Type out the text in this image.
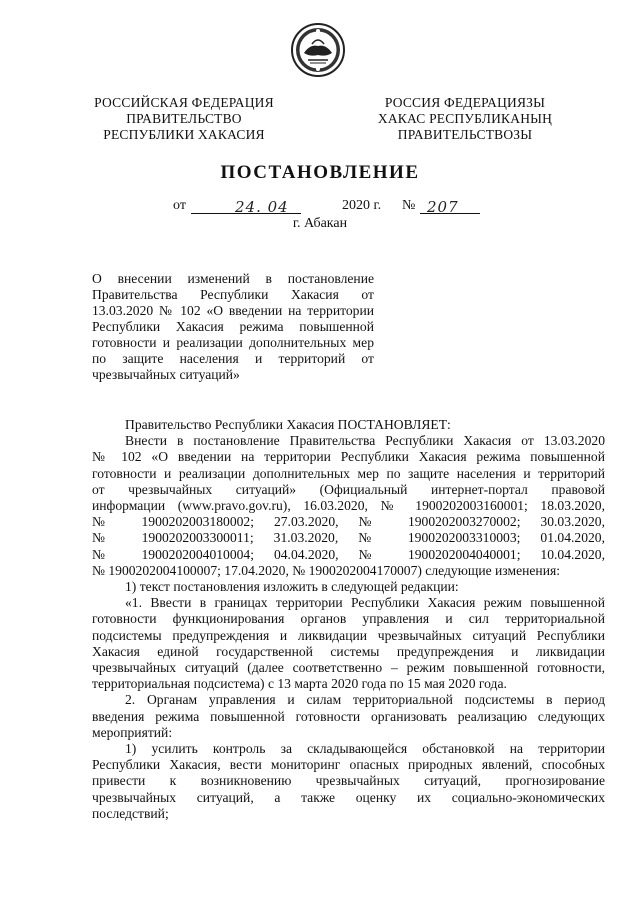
РОССИЙСКАЯ ФЕДЕРАЦИЯ
ПРАВИТЕЛЬСТВО
РЕСПУБЛИКИ ХАКАСИЯ
РОССИЯ ФЕДЕРАЦИЯЗЫ
ХАКАС РЕСПУБЛИКАНЫҢ
ПРАВИТЕЛЬСТВОЗЫ
ПОСТАНОВЛЕНИЕ
от	24. 04	2020 г. № 207
г. Абакан

О внесении изменений в постановление

Правительства Республики Хакасия от

13.03.2020 № 102 «О введении на территории

Республики Хакасия режима повышенной

готовности и реализации дополнительных мер

по защите населения и территорий от

чрезвычайных ситуаций»

Правительство Республики Хакасия ПОСТАНОВЛЯЕТ:

Внести в постановление Правительства Республики Хакасия от 13.03.2020
№ 102 «О введении на территории Республики Хакасия режима повышенной
готовности и реализации дополнительных мер по защите населения и территорий
от чрезвычайных ситуаций» (Официальный интернет-портал правовой
информации (www.pravo.gov.ru), 16.03.2020, № 1900202003160001; 18.03.2020,
№ 1900202003180002; 27.03.2020, № 1900202003270002; 30.03.2020,
№ 1900202003300011; 31.03.2020, № 1900202003310003; 01.04.2020,
№ 1900202004010004; 04.04.2020, № 1900202004040001; 10.04.2020,
№ 1900202004100007; 17.04.2020, № 1900202004170007) следующие изменения:

1) текст постановления изложить в следующей редакции:

«1. Ввести в границах территории Республики Хакасия режим повышенной
готовности функционирования органов управления и сил территориальной
подсистемы предупреждения и ликвидации чрезвычайных ситуаций Республики
Хакасия единой государственной системы предупреждения и ликвидации
чрезвычайных ситуаций (далее соответственно – режим повышенной готовности,
территориальная подсистема) с 13 марта 2020 года по 15 мая 2020 года.

2. Органам управления и силам территориальной подсистемы в период
введения режима повышенной готовности организовать реализацию следующих
мероприятий:

1) усилить контроль за складывающейся обстановкой на территории
Республики Хакасия, вести мониторинг опасных природных явлений, способных
привести к возникновению чрезвычайных ситуаций, прогнозирование
чрезвычайных ситуаций, а также оценку их социально-экономических
последствий;
